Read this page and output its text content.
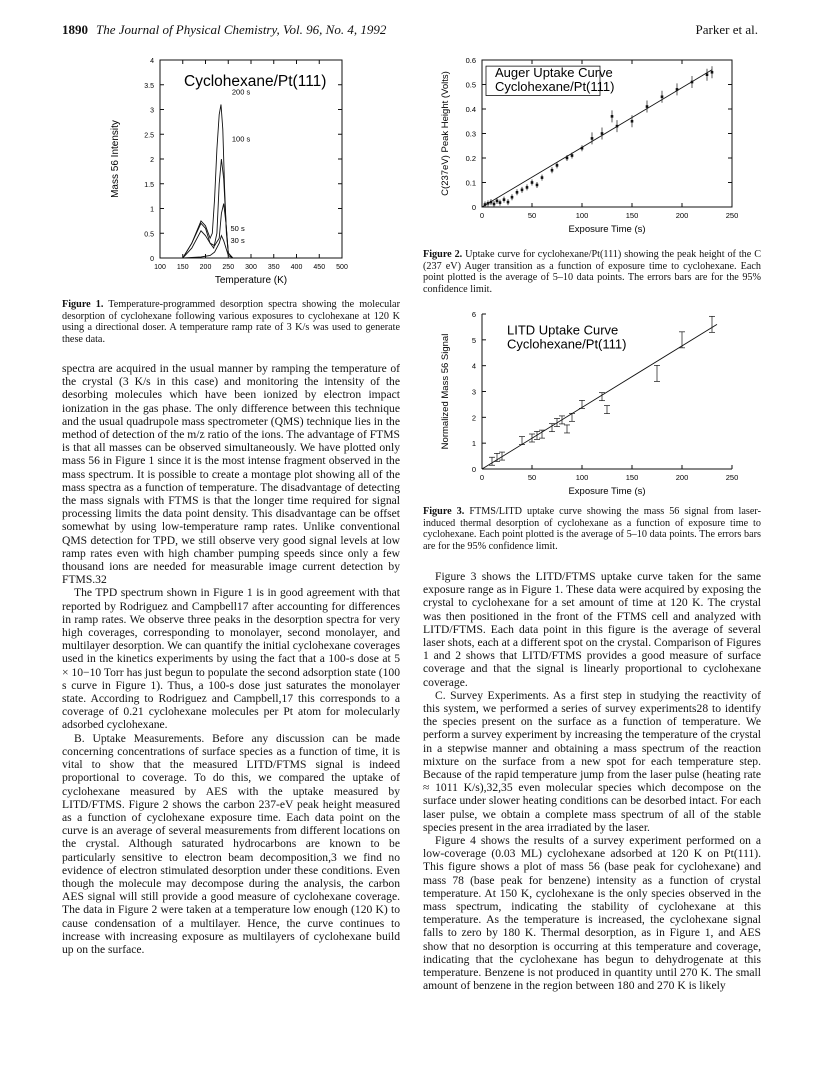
1890 The Journal of Physical Chemistry, Vol. 96, No. 4, 1992	Parker et al.
100 150 200 250 300 350 400 450 500
0
0.5
1
1.5
2
2.5
3
3.5
4
Temperature (K)
Mass 56 Intensity
Cyclohexane/Pt(111)
200 s
100 s
50 s
30 s
Figure 1. Temperature-programmed desorption spectra showing the molecular desorption of cyclohexane following various exposures to cyclohexane at 120 K using a directional doser. A temperature ramp rate of 3 K/s was used to generate these data.
0	50	100	150	200	250
0
0.1
0.2
0.3
0.4
0.5
0.6
Exposure Time (s)
C(237eV) Peak Height (Volts)	Auger Uptake Curve
Cyclohexane/Pt(111)
Figure 2. Uptake curve for cyclohexane/Pt(111) showing the peak height of the C (237 eV) Auger transition as a function of exposure time to cyclohexane. Each point plotted is the average of 5–10 data points. The errors bars are for the 95% confidence limit.
0	50	100	150	200	250
0
1
2
3
4
5
6
Exposure Time (s)
Normalized Mass 56 Signal
LITD Uptake Curve
Cyclohexane/Pt(111)
Figure 3. FTMS/LITD uptake curve showing the mass 56 signal from laser-induced thermal desorption of cyclohexane as a function of exposure time to cyclohexane. Each point plotted is the average of 5–10 data points. The errors bars are for the 95% confidence limit.

spectra are acquired in the usual manner by ramping the temperature of the crystal (3 K/s in this case) and monitoring the intensity of the desorbing molecules which have been ionized by electron impact ionization in the gas phase. The only difference between this technique and the usual quadrupole mass spectrometer (QMS) technique lies in the method of detection of the m/z ratio of the ions. The advantage of FTMS is that all masses can be observed simultaneously. We have plotted only mass 56 in Figure 1 since it is the most intense fragment observed in the mass spectrum. It is possible to create a montage plot showing all of the mass spectra as a function of temperature. The disadvantage of detecting the mass signals with FTMS is that the longer time required for signal processing limits the data point density. This disadvantage can be offset somewhat by using low-temperature ramp rates. Unlike conventional QMS detection for TPD, we still observe very good signal levels at low ramp rates even with high chamber pumping speeds since only a few thousand ions are needed for measurable image current detection by FTMS.32

The TPD spectrum shown in Figure 1 is in good agreement with that reported by Rodriguez and Campbell17 after accounting for differences in ramp rates. We observe three peaks in the desorption spectra for very high coverages, corresponding to monolayer, second monolayer, and multilayer desorption. We can quantify the initial cyclohexane coverages used in the kinetics experiments by using the fact that a 100-s dose at 5 × 10−10 Torr has just begun to populate the second adsorption state (100 s curve in Figure 1). Thus, a 100-s dose just saturates the monolayer state. According to Rodriguez and Campbell,17 this corresponds to a coverage of 0.21 cyclohexane molecules per Pt atom for molecularly adsorbed cyclohexane.

B. Uptake Measurements. Before any discussion can be made concerning concentrations of surface species as a function of time, it is vital to show that the measured LITD/FTMS signal is indeed proportional to coverage. To do this, we compared the uptake of cyclohexane measured by AES with the uptake measured by LITD/FTMS. Figure 2 shows the carbon 237-eV peak height measured as a function of cyclohexane exposure time. Each data point on the curve is an average of several measurements from different locations on the crystal. Although saturated hydrocarbons are known to be particularly sensitive to electron beam decomposition,3 we find no evidence of electron stimulated desorption under these conditions. Even though the molecule may decompose during the analysis, the carbon AES signal will still provide a good measure of cyclohexane coverage. The data in Figure 2 were taken at a temperature low enough (120 K) to cause condensation of a multilayer. Hence, the curve continues to increase with increasing exposure as multilayers of cyclohexane build up on the surface.

Figure 3 shows the LITD/FTMS uptake curve taken for the same exposure range as in Figure 1. These data were acquired by exposing the crystal to cyclohexane for a set amount of time at 120 K. The crystal was then positioned in the front of the FTMS cell and analyzed with LITD/FTMS. Each data point in this figure is the average of several laser shots, each at a different spot on the crystal. Comparison of Figures 1 and 2 shows that LITD/FTMS provides a good measure of surface coverage and that the signal is linearly proportional to cyclohexane coverage.

C. Survey Experiments. As a first step in studying the reactivity of this system, we performed a series of survey experiments28 to identify the species present on the surface as a function of temperature. We perform a survey experiment by increasing the temperature of the crystal in a stepwise manner and obtaining a mass spectrum of the reaction mixture on the surface from a new spot for each temperature step. Because of the rapid temperature jump from the laser pulse (heating rate ≈ 1011 K/s),32,35 even molecular species which decompose on the surface under slower heating conditions can be desorbed intact. For each laser pulse, we obtain a complete mass spectrum of all of the stable species present in the area irradiated by the laser.

Figure 4 shows the results of a survey experiment performed on a low-coverage (0.03 ML) cyclohexane adsorbed at 120 K on Pt(111). This figure shows a plot of mass 56 (base peak for cyclohexane) and mass 78 (base peak for benzene) intensity as a function of crystal temperature. At 150 K, cyclohexane is the only species observed in the mass spectrum, indicating the stability of cyclohexane at this temperature. As the temperature is increased, the cyclohexane signal falls to zero by 180 K. Thermal desorption, as in Figure 1, and AES show that no desorption is occurring at this temperature and coverage, indicating that the cyclohexane has begun to dehydrogenate at this temperature. Benzene is not produced in quantity until 270 K. The small amount of benzene in the region between 180 and 270 K is likely
